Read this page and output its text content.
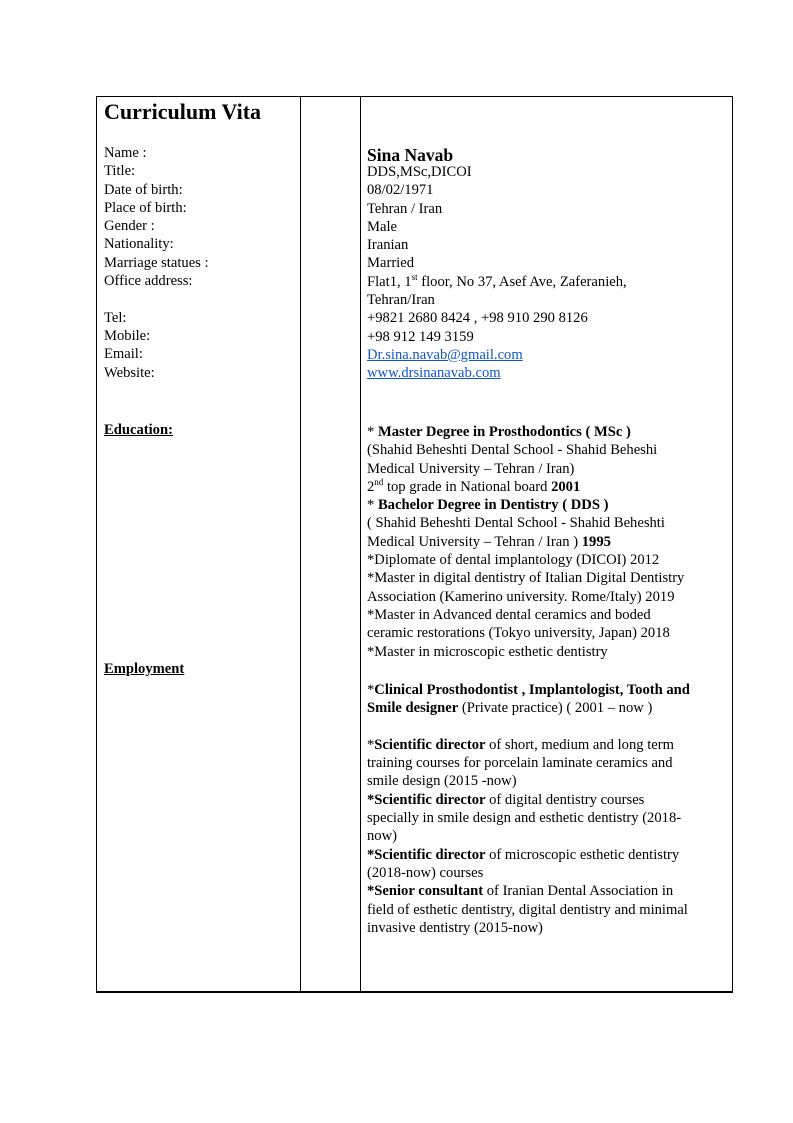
Curriculum Vita
Name :
Title:
Date of birth:
Place of birth:
Gender :
Nationality:
Marriage statues :
Office address:
Tel:
Mobile:
Email:
Website:
Sina Navab
DDS,MSc,DICOI
08/02/1971
Tehran / Iran
Male
Iranian
Married
Flat1, 1st floor, No 37, Asef Ave, Zaferanieh,
Tehran/Iran
+9821 2680 8424 , +98 910 290 8126
+98 912 149 3159
Dr.sina.navab@gmail.com
www.drsinanavab.com
Education:	* Master Degree in Prosthodontics ( MSc )
(Shahid Beheshti Dental School - Shahid Beheshi
Medical University – Tehran / Iran)
2nd top grade in National board 2001
* Bachelor Degree in Dentistry ( DDS )
( Shahid Beheshti Dental School - Shahid Beheshti
Medical University – Tehran / Iran ) 1995
*Diplomate of dental implantology (DICOI) 2012
*Master in digital dentistry of Italian Digital Dentistry
Association (Kamerino university. Rome/Italy) 2019
*Master in Advanced dental ceramics and boded
ceramic restorations (Tokyo university, Japan) 2018
*Master in microscopic esthetic dentistry
Employment
*Clinical Prosthodontist , Implantologist, Tooth and
Smile designer (Private practice) ( 2001 – now )
*Scientific director of short, medium and long term
training courses for porcelain laminate ceramics and
smile design (2015 -now)
*Scientific director of digital dentistry courses
specially in smile design and esthetic dentistry (2018-
now)
*Scientific director of microscopic esthetic dentistry
(2018-now) courses
*Senior consultant of Iranian Dental Association in
field of esthetic dentistry, digital dentistry and minimal
invasive dentistry (2015-now)
